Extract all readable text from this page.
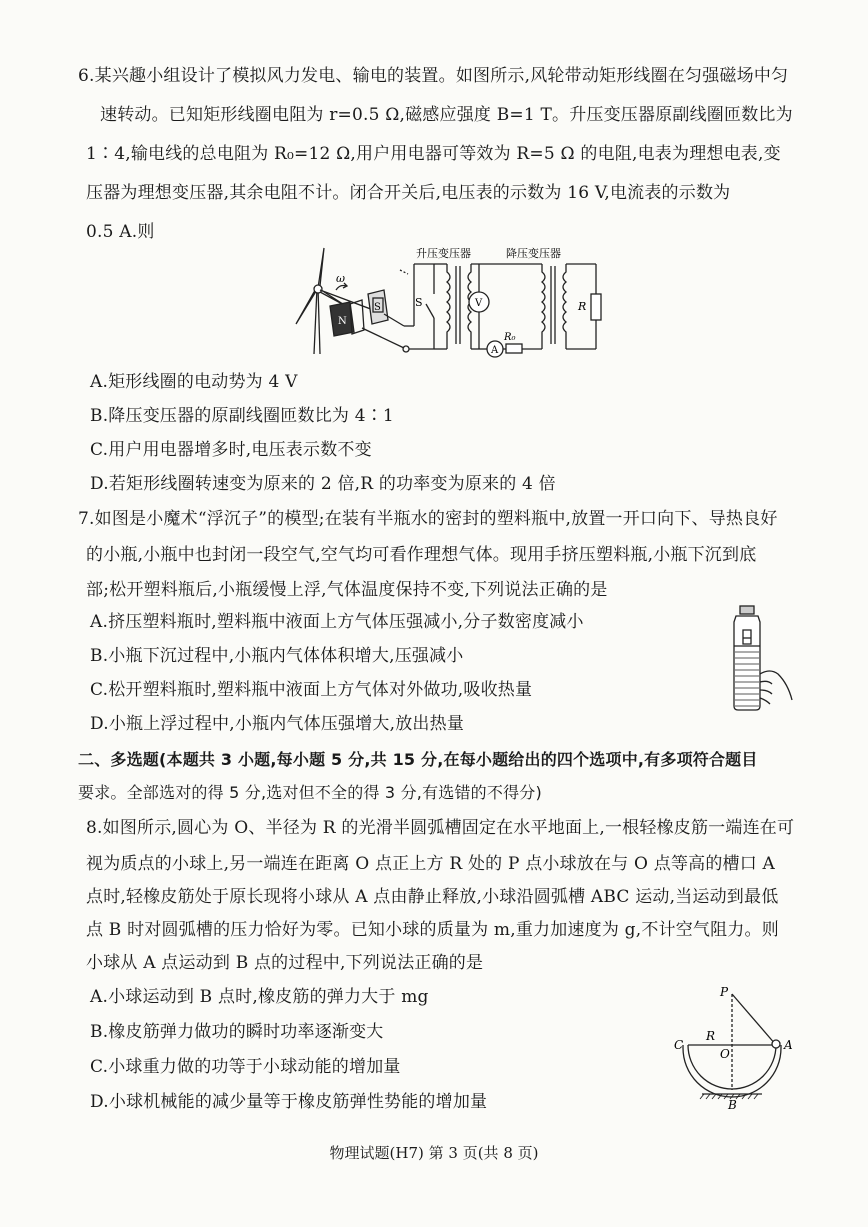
6.某兴趣小组设计了模拟风力发电、输电的装置。如图所示,风轮带动矩形线圈在匀强磁场中匀
速转动。已知矩形线圈电阻为 r=0.5 Ω,磁感应强度 B=1 T。升压变压器原副线圈匝数比为
1∶4,输电线的总电阻为 R₀=12 Ω,用户用电器可等效为 R=5 Ω 的电阻,电表为理想电表,变
压器为理想变压器,其余电阻不计。闭合开关后,电压表的示数为 16 V,电流表的示数为
0.5 A.则
ω
N
S	S
升压变压器	降压变压器
V
A
R₀
R
A.矩形线圈的电动势为 4 V
B.降压变压器的原副线圈匝数比为 4∶1
C.用户用电器增多时,电压表示数不变
D.若矩形线圈转速变为原来的 2 倍,R 的功率变为原来的 4 倍
7.如图是小魔术“浮沉子”的模型;在装有半瓶水的密封的塑料瓶中,放置一开口向下、导热良好
的小瓶,小瓶中也封闭一段空气,空气均可看作理想气体。现用手挤压塑料瓶,小瓶下沉到底
部;松开塑料瓶后,小瓶缓慢上浮,气体温度保持不变,下列说法正确的是
A.挤压塑料瓶时,塑料瓶中液面上方气体压强减小,分子数密度减小
B.小瓶下沉过程中,小瓶内气体体积增大,压强减小
C.松开塑料瓶时,塑料瓶中液面上方气体对外做功,吸收热量
D.小瓶上浮过程中,小瓶内气体压强增大,放出热量
二、多选题(本题共 3 小题,每小题 5 分,共 15 分,在每小题给出的四个选项中,有多项符合题目
要求。全部选对的得 5 分,选对但不全的得 3 分,有选错的不得分)
8.如图所示,圆心为 O、半径为 R 的光滑半圆弧槽固定在水平地面上,一根轻橡皮筋一端连在可
视为质点的小球上,另一端连在距离 O 点正上方 R 处的 P 点小球放在与 O 点等高的槽口 A
点时,轻橡皮筋处于原长现将小球从 A 点由静止释放,小球沿圆弧槽 ABC 运动,当运动到最低
点 B 时对圆弧槽的压力恰好为零。已知小球的质量为 m,重力加速度为 g,不计空气阻力。则
小球从 A 点运动到 B 点的过程中,下列说法正确的是
A.小球运动到 B 点时,橡皮筋的弹力大于 mg
B.橡皮筋弹力做功的瞬时功率逐渐变大
C.小球重力做的功等于小球动能的增加量
D.小球机械能的减少量等于橡皮筋弹性势能的增加量
P
R
C
O
A
B
物理试题(H7) 第 3 页(共 8 页)
